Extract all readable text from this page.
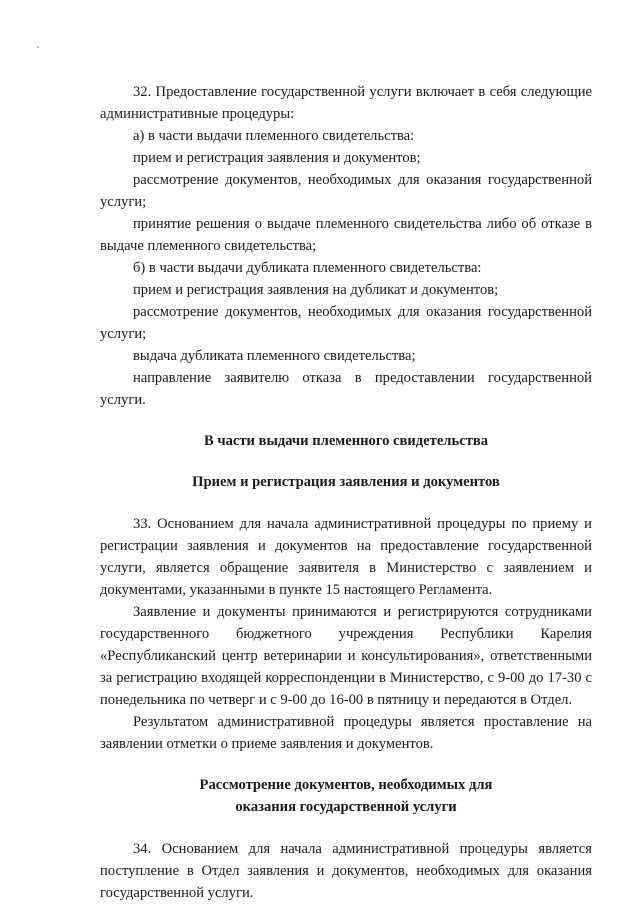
32. Предоставление государственной услуги включает в себя следующие административные процедуры:

а) в части выдачи племенного свидетельства:

прием и регистрация заявления и документов;

рассмотрение документов, необходимых для оказания государственной услуги;

принятие решения о выдаче племенного свидетельства либо об отказе в выдаче племенного свидетельства;

б) в части выдачи дубликата племенного свидетельства:

прием и регистрация заявления на дубликат и документов;

рассмотрение документов, необходимых для оказания государственной услуги;

выдача дубликата племенного свидетельства;

направление заявителю отказа в предоставлении государственной услуги.

В части выдачи племенного свидетельства

Прием и регистрация заявления и документов

33. Основанием для начала административной процедуры по приему и регистрации заявления и документов на предоставление государственной услуги, является обращение заявителя в Министерство с заявлением и документами, указанными в пункте 15 настоящего Регламента.

Заявление и документы принимаются и регистрируются сотрудниками государственного бюджетного учреждения Республики Карелия «Республиканский центр ветеринарии и консультирования», ответственными за регистрацию входящей корреспонденции в Министерство, с 9-00 до 17-30 с понедельника по четверг и с 9-00 до 16-00 в пятницу и передаются в Отдел.

Результатом административной процедуры является проставление на заявлении отметки о приеме заявления и документов.

Рассмотрение документов, необходимых для

оказания государственной услуги

34. Основанием для начала административной процедуры является поступление в Отдел заявления и документов, необходимых для оказания государственной услуги.
